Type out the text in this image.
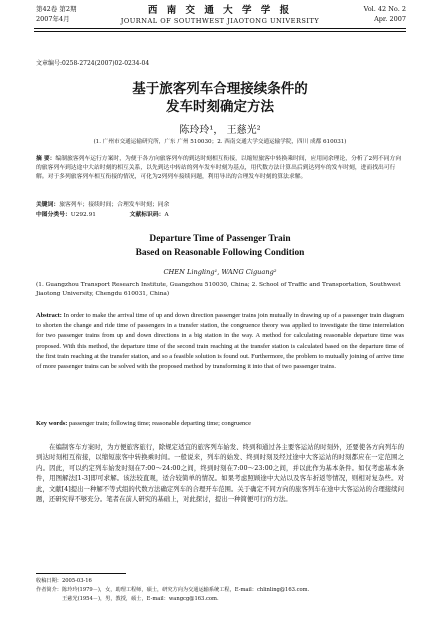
第42卷 第2期
2007年4月
西 南 交 通 大 学 学 报
JOURNAL OF SOUTHWEST JIAOTONG UNIVERSITY
Vol. 42 No. 2
Apr. 2007
文章编号:0258-2724(2007)02-0234-04
基于旅客列车合理接续条件的
发车时刻确定方法
陈玲玲¹， 王慈光²
(1. 广州市交通运输研究所，广东 广州 510030；2. 西南交通大学交通运输学院，四川 成都 610031)
摘 要：编制旅客列车运行方案时，为便于各方向旅客列车的到达时刻相互衔接，以缩短旅客中转换乘时间，应用同余理论，分析了2列不同方向的旅客列车到达途中大站时刻的相互关系，以先到达中转站的列车发车时刻为基点，用代数方法计算出后到达列车的发车时刻，进而找出可行解。对于多列旅客列车相互衔接的情况，可化为2列列车接续问题，利用导出的合理发车时刻的算法求解。
关键词：旅客列车；接续时间；合理发车时刻；同余
中图分类号：U292.91	文献标识码：A
Departure Time of Passenger Train
Based on Reasonable Following Condition
CHEN Lingling¹, WANG Ciguang²
(1. Guangzhou Transport Research Institute, Guangzhou 510030, China; 2. School of Traffic and Transportation, Southwest Jiaotong University, Chengdu 610031, China)
Abstract: In order to make the arrival time of up and down direction passenger trains join mutually in drawing up of a passenger train diagram to shorten the change and ride time of passengers in a transfer station, the congruence theory was applied to investigate the time interrelation for two passenger trains from up and down directions in a big station in the way. A method for calculating reasonable departure time was proposed. With this method, the departure time of the second train reaching at the transfer station is calculated based on the departure time of the first train reaching at the transfer station, and so a feasible solution is found out. Furthermore, the problem to mutually joining of arrive time of more passenger trains can be solved with the proposed method by transforming it into that of two passenger trains.
Key words: passenger train; following time; reasonable departing time; congruence
在编制客车方案时，为方便旅客旅行，除规定适宜的旅客列车始发、终到和通过各主要客运站的时刻外，还要使各方向列车的到达时刻相互衔接，以缩短旅客中转换乘时间。一般说来，列车的始发、终到时刻及经过途中大客运站的时刻都应在一定范围之内。因此，可以约定列车始发时刻在7:00～24:00之间，终到时刻在7:00～23:00之间，并以此作为基本条件。如仅考虑基本条件，用图解法[1-3]即可求解。该法较直观，适合较简单的情况。如果考虑照顾途中大站以及客车折返等情况，则相对复杂些。对此，文献[4]提出一种解不等式组的代数方法确定列车的合理开车范围。关于确定不同方向的旅客列车在途中大客运站的合理接续问题，还研究得不够充分。笔者在前人研究的基础上，对此探讨，提出一种简便可行的方法。
收稿日期：2005-03-16
作者简介：陈玲玲(1979－)，女，助理工程师，硕士，研究方向为交通运输系统工程，E-mail：chlinling@163.com.
王慈光(1954－)，男，教授，硕士，E-mail：wangcg@163.com.
